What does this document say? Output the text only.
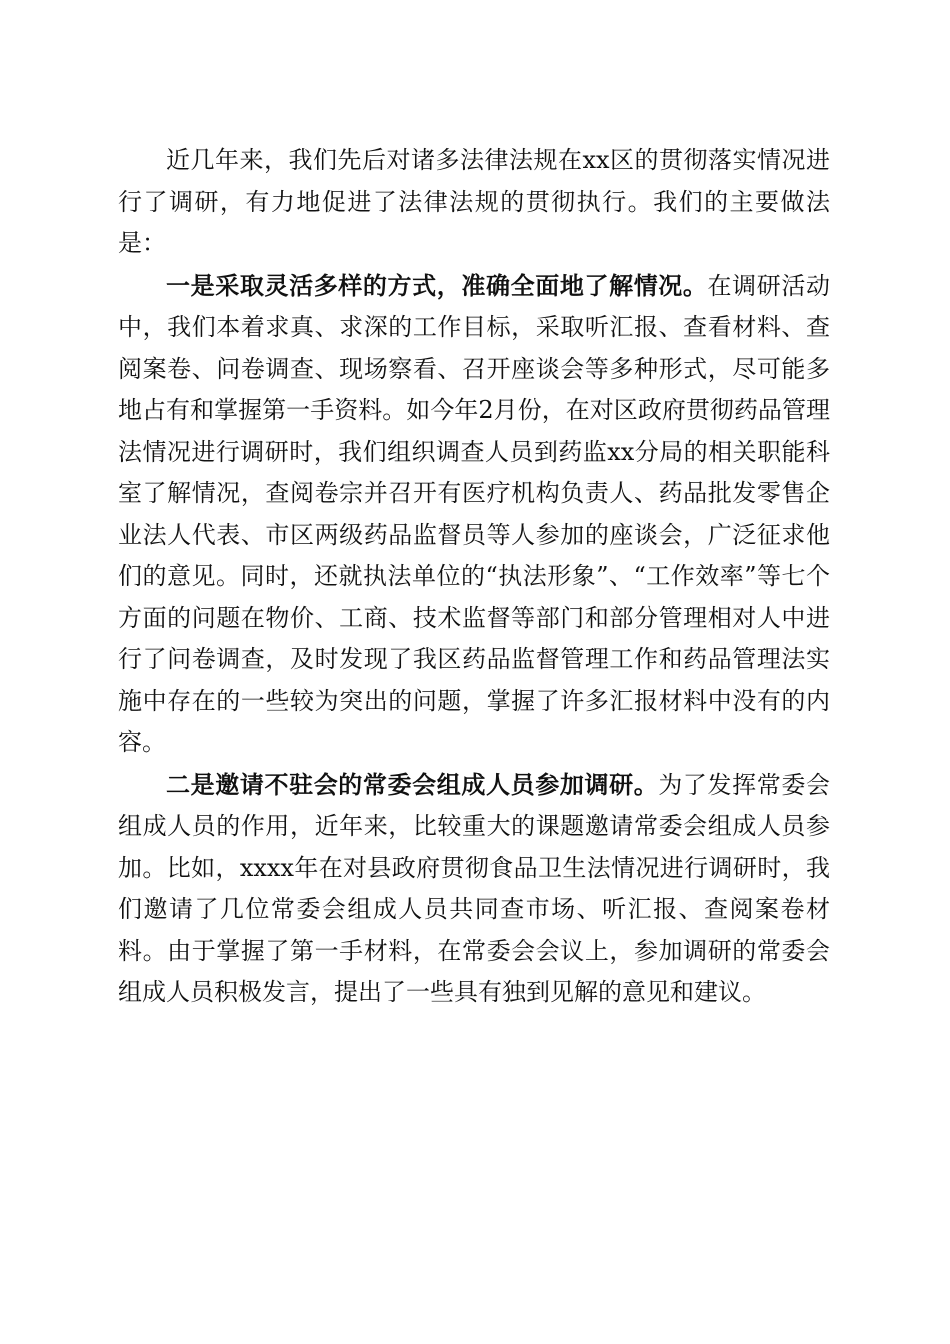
近几年来，我们先后对诸多法律法规在xx区的贯彻落实情况进行了调研，有力地促进了法律法规的贯彻执行。我们的主要做法是：

一是采取灵活多样的方式，准确全面地了解情况。在调研活动中，我们本着求真、求深的工作目标，采取听汇报、查看材料、查阅案卷、问卷调查、现场察看、召开座谈会等多种形式，尽可能多地占有和掌握第一手资料。如今年2月份，在对区政府贯彻药品管理法情况进行调研时，我们组织调查人员到药监xx分局的相关职能科室了解情况，查阅卷宗并召开有医疗机构负责人、药品批发零售企业法人代表、市区两级药品监督员等人参加的座谈会，广泛征求他们的意见。同时，还就执法单位的“执法形象”、“工作效率”等七个方面的问题在物价、工商、技术监督等部门和部分管理相对人中进行了问卷调查，及时发现了我区药品监督管理工作和药品管理法实施中存在的一些较为突出的问题，掌握了许多汇报材料中没有的内容。

二是邀请不驻会的常委会组成人员参加调研。为了发挥常委会组成人员的作用，近年来，比较重大的课题邀请常委会组成人员参加。比如，xxxx年在对县政府贯彻食品卫生法情况进行调研时，我们邀请了几位常委会组成人员共同查市场、听汇报、查阅案卷材料。由于掌握了第一手材料，在常委会会议上，参加调研的常委会组成人员积极发言，提出了一些具有独到见解的意见和建议。
